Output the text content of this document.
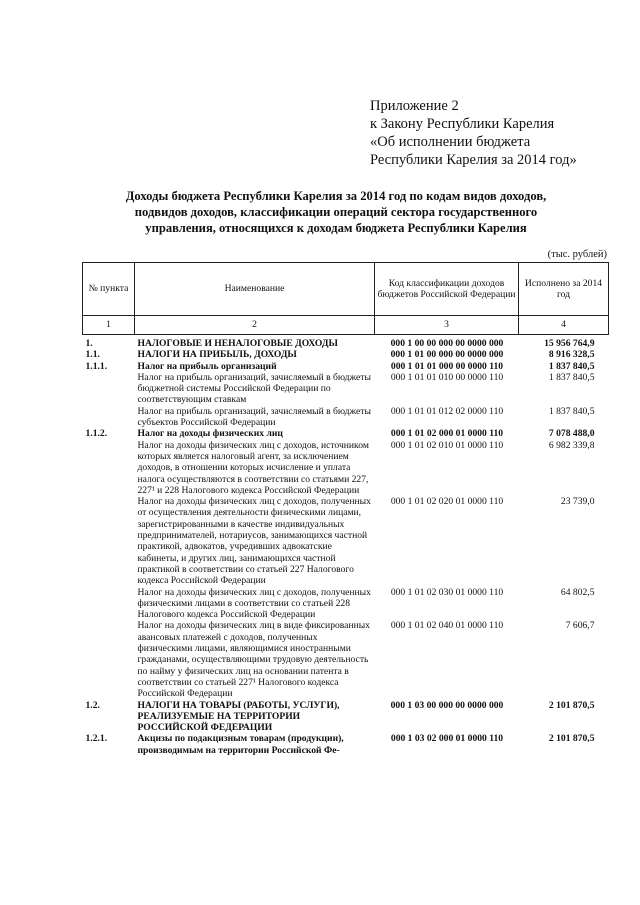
Приложение 2
к Закону Республики Карелия
«Об исполнении бюджета
Республики Карелия за 2014 год»
Доходы бюджета Республики Карелия за 2014 год по кодам видов доходов,
подвидов доходов, классификации операций сектора государственного
управления, относящихся к доходам бюджета Республики Карелия
(тыс. рублей)
№ пункта	Наименование	Код классификации доходов бюджетов Российской Федерации	Исполнено за 2014 год
1	2	3	4
1.	НАЛОГОВЫЕ И НЕНАЛОГОВЫЕ ДОХОДЫ	000 1 00 00 000 00 0000 000	15 956 764,9
1.1.	НАЛОГИ НА ПРИБЫЛЬ, ДОХОДЫ	000 1 01 00 000 00 0000 000	8 916 328,5
1.1.1.	Налог на прибыль организаций	000 1 01 01 000 00 0000 110	1 837 840,5
	Налог на прибыль организаций, зачисляемый в бюджеты бюджетной системы Российской Федерации по соответствующим ставкам	000 1 01 01 010 00 0000 110	1 837 840,5
	Налог на прибыль организаций, зачисляемый в бюджеты субъектов Российской Федерации	000 1 01 01 012 02 0000 110	1 837 840,5
1.1.2.	Налог на доходы физических лиц	000 1 01 02 000 01 0000 110	7 078 488,0
	Налог на доходы физических лиц с доходов, источником которых является налоговый агент, за исключением доходов, в отношении которых исчисление и уплата налога осуществляются в соответствии со статьями 227, 227¹ и 228 Налогового кодекса Российской Федерации	000 1 01 02 010 01 0000 110	6 982 339,8
	Налог на доходы физических лиц с доходов, полученных от осуществления деятельности физическими лицами, зарегистрированными в качестве индивидуальных предпринимателей, нотариусов, занимающихся частной практикой, адвокатов, учредивших адвокатские кабинеты, и других лиц, занимающихся частной практикой в соответствии со статьей 227 Налогового кодекса Российской Федерации	000 1 01 02 020 01 0000 110	23 739,0
	Налог на доходы физических лиц с доходов, полученных физическими лицами в соответствии со статьей 228 Налогового кодекса Российской Федерации	000 1 01 02 030 01 0000 110	64 802,5
	Налог на доходы физических лиц в виде фиксированных авансовых платежей с доходов, полученных физическими лицами, являющимися иностранными гражданами, осуществляющими трудовую деятельность по найму у физических лиц на основании патента в соответствии со статьей 227¹ Налогового кодекса Российской Федерации	000 1 01 02 040 01 0000 110	7 606,7
1.2.	НАЛОГИ НА ТОВАРЫ (РАБОТЫ, УСЛУГИ), РЕАЛИЗУЕМЫЕ НА ТЕРРИТОРИИ РОССИЙСКОЙ ФЕДЕРАЦИИ	000 1 03 00 000 00 0000 000	2 101 870,5
1.2.1.	Акцизы по подакцизным товарам (продукции), производимым на территории Российской Фе-	000 1 03 02 000 01 0000 110	2 101 870,5
